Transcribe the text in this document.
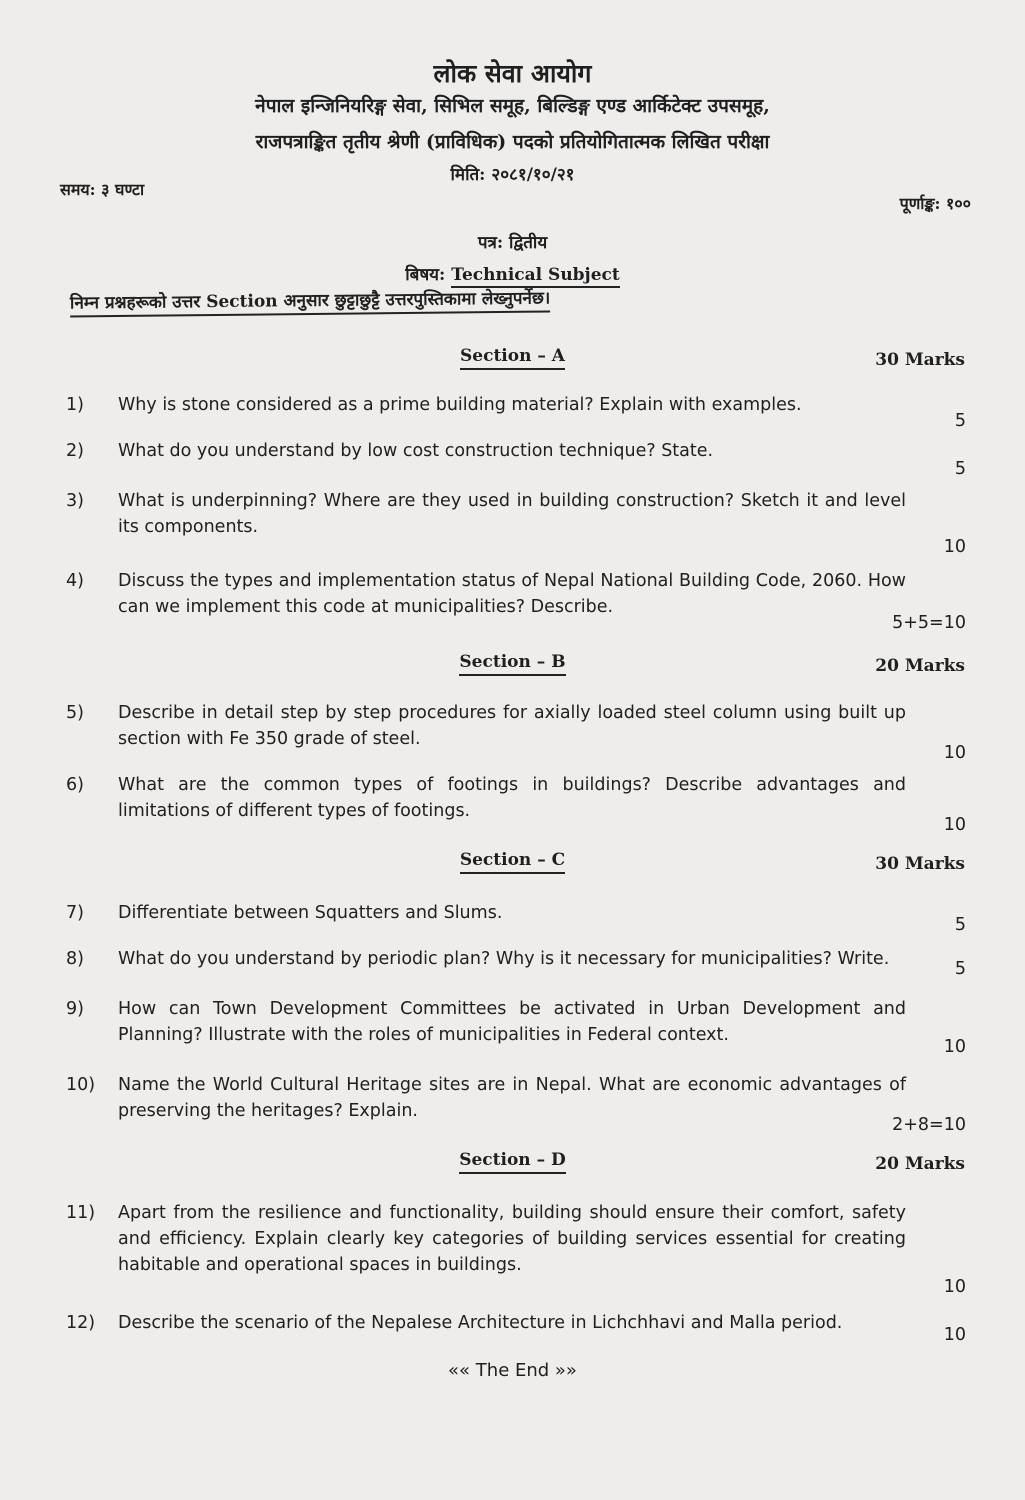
लोक सेवा आयोग
नेपाल इन्जिनियरिङ्ग सेवा, सिभिल समूह, बिल्डिङ्ग एण्ड आर्किटेक्ट उपसमूह,
राजपत्राङ्कित तृतीय श्रेणी (प्राविधिक) पदको प्रतियोगितात्मक लिखित परीक्षा
मिति: २०८१/१०/२१
समय: ३ घण्टा
पूर्णाङ्क: १००
पत्र: द्वितीय
बिषय: Technical Subject
निम्न प्रश्नहरूको उत्तर Section अनुसार छुट्टाछुट्टै उत्तरपुस्तिकामा लेख्नुपर्नेछ।
Section – A	30 Marks
1) Why is stone considered as a prime building material? Explain with examples.
5
2) What do you understand by low cost construction technique? State.
5
3) What is underpinning? Where are they used in building construction? Sketch it and level its components.
10
4) Discuss the types and implementation status of Nepal National Building Code, 2060. How can we implement this code at municipalities? Describe.
5+5=10
Section – B	20 Marks
5) Describe in detail step by step procedures for axially loaded steel column using built up section with Fe 350 grade of steel.
10
6) What are the common types of footings in buildings? Describe advantages and limitations of different types of footings.
10
Section – C	30 Marks
7) Differentiate between Squatters and Slums.
5
8) What do you understand by periodic plan? Why is it necessary for municipalities? Write.	5
9) How can Town Development Committees be activated in Urban Development and Planning? Illustrate with the roles of municipalities in Federal context.
10
10) Name the World Cultural Heritage sites are in Nepal. What are economic advantages of preserving the heritages? Explain.
2+8=10
Section – D	20 Marks
11) Apart from the resilience and functionality, building should ensure their comfort, safety and efficiency. Explain clearly key categories of building services essential for creating habitable and operational spaces in buildings.
10
12) Describe the scenario of the Nepalese Architecture in Lichchhavi and Malla period.
10
«« The End »»
